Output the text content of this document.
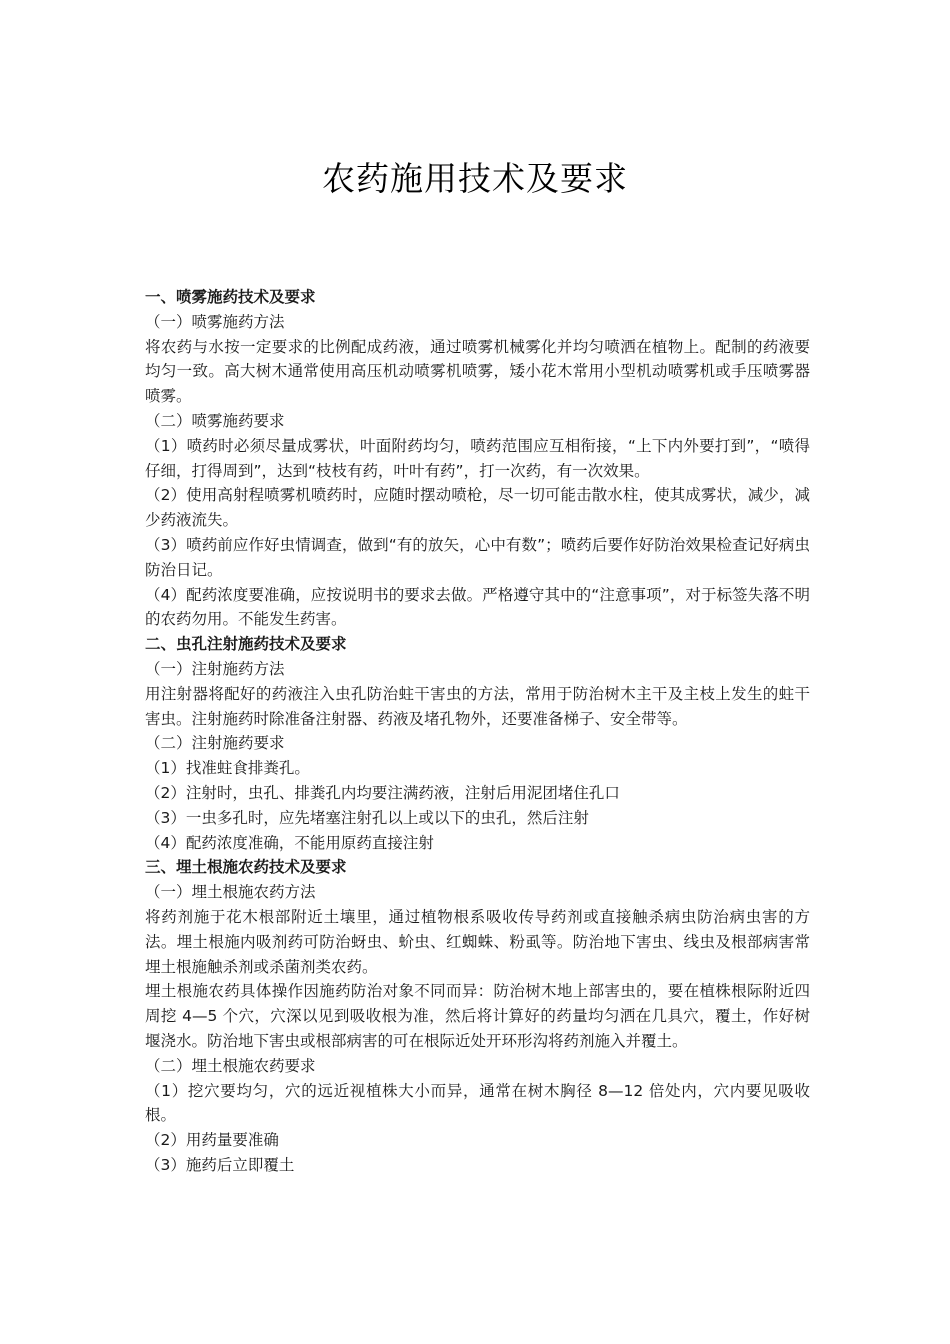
农药施用技术及要求

一、喷雾施药技术及要求

（一）喷雾施药方法

将农药与水按一定要求的比例配成药液，通过喷雾机械雾化并均匀喷洒在植物上。配制的药液要均匀一致。高大树木通常使用高压机动喷雾机喷雾，矮小花木常用小型机动喷雾机或手压喷雾器喷雾。

（二）喷雾施药要求

（1）喷药时必须尽量成雾状，叶面附药均匀，喷药范围应互相衔接，“上下内外要打到”，“喷得仔细，打得周到”，达到“枝枝有药，叶叶有药”，打一次药，有一次效果。

（2）使用高射程喷雾机喷药时，应随时摆动喷枪，尽一切可能击散水柱，使其成雾状，减少，减少药液流失。

（3）喷药前应作好虫情调查，做到“有的放矢，心中有数”；喷药后要作好防治效果检查记好病虫防治日记。

（4）配药浓度要准确，应按说明书的要求去做。严格遵守其中的“注意事项”，对于标签失落不明的农药勿用。不能发生药害。

二、虫孔注射施药技术及要求

（一）注射施药方法

用注射器将配好的药液注入虫孔防治蛀干害虫的方法，常用于防治树木主干及主枝上发生的蛀干害虫。注射施药时除准备注射器、药液及堵孔物外，还要准备梯子、安全带等。

（二）注射施药要求

（1）找准蛀食排粪孔。

（2）注射时，虫孔、排粪孔内均要注满药液，注射后用泥团堵住孔口

（3）一虫多孔时，应先堵塞注射孔以上或以下的虫孔，然后注射

（4）配药浓度准确，不能用原药直接注射

三、埋土根施农药技术及要求

（一）埋土根施农药方法

将药剂施于花木根部附近土壤里，通过植物根系吸收传导药剂或直接触杀病虫防治病虫害的方法。埋土根施内吸剂药可防治蚜虫、蚧虫、红蜘蛛、粉虱等。防治地下害虫、线虫及根部病害常埋土根施触杀剂或杀菌剂类农药。

埋土根施农药具体操作因施药防治对象不同而异：防治树木地上部害虫的，要在植株根际附近四周挖 4—5 个穴，穴深以见到吸收根为准，然后将计算好的药量均匀洒在几具穴，覆土，作好树堰浇水。防治地下害虫或根部病害的可在根际近处开环形沟将药剂施入并覆土。

（二）埋土根施农药要求

（1）挖穴要均匀，穴的远近视植株大小而异，通常在树木胸径 8—12 倍处内，穴内要见吸收根。

（2）用药量要准确

（3）施药后立即覆土
